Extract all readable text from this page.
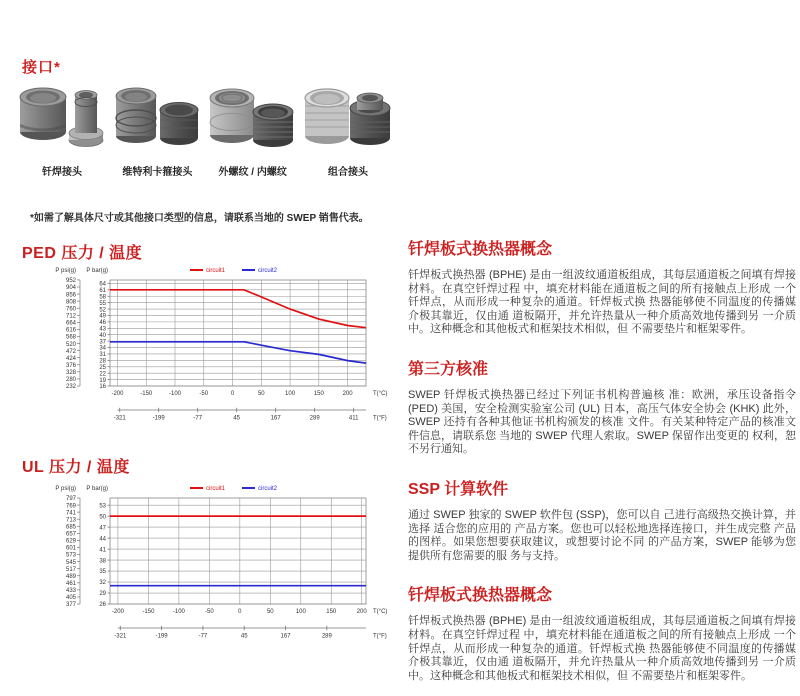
接口*
钎焊接头	维特利卡箍接头	外螺纹 / 内螺纹	组合接头
*如需了解具体尺寸或其他接口类型的信息，请联系当地的 SWEP 销售代表。
PED 压力 / 温度
-200	-150	-100	-50	0	50	100	150	200
64
61
58
55
52
49
46
43
40
37
34
31
28
25
22
19
16
952
904
856
808
760
712
664
616
568
520
472
424
376
328
280
232
circuit1	circuit2
P psi(g) P bar(g)
T(°C)
-321	-199	-77	45	167	289	411 T(°F)
UL 压力 / 温度
-200	-150	-100	-50	0	50	100	150	200
53
50
47
44
41
38
35
32
29
26
797
769
741
713
685
657
629
601
573
545
517
489
461
433
405
377
circuit1	circuit2
P psi(g) P bar(g)
T(°C)
-321	-199	-77	45	167	289	T(°F)
钎焊板式换热器概念

钎焊板式换热器 (BPHE) 是由一组波纹通道板组成，其每层通道板之间填有焊接材料。在真空钎焊过程 中，填充材料能在通道板之间的所有接触点上形成 一个钎焊点，从而形成一种复杂的通道。钎焊板式换 热器能够使不同温度的传播媒介极其靠近，仅由通 道板隔开，并允许热量从一种介质高效地传播到另 一介质中。这种概念和其他板式和框架技术相似，但 不需要垫片和框架零件。

第三方核准

SWEP 钎焊板式换热器已经过下列证书机构普遍核 准：欧洲，承压设备指令 (PED) 美国，安全检测实验室公司 (UL) 日本，高压气体安全协会 (KHK) 此外，SWEP 还持有各种其他证书机构颁发的核准 文件。有关某种特定产品的核准文件信息，请联系您 当地的 SWEP 代理人索取。SWEP 保留作出变更的 权利，恕不另行通知。

SSP 计算软件

通过 SWEP 独家的 SWEP 软件包 (SSP)，您可以自 己进行高级热交换计算，并选择 适合您的应用的 产品方案。您也可以轻松地选择连接口，并生成完整 产品的图样。如果您想要获取建议，或想要讨论不同 的产品方案，SWEP 能够为您提供所有您需要的服 务与支持。

钎焊板式换热器概念

钎焊板式换热器 (BPHE) 是由一组波纹通道板组成，其每层通道板之间填有焊接材料。在真空钎焊过程 中，填充材料能在通道板之间的所有接触点上形成 一个钎焊点，从而形成一种复杂的通道。钎焊板式换 热器能够使不同温度的传播媒介极其靠近，仅由通 道板隔开，并允许热量从一种介质高效地传播到另 一介质中。这种概念和其他板式和框架技术相似，但 不需要垫片和框架零件。
